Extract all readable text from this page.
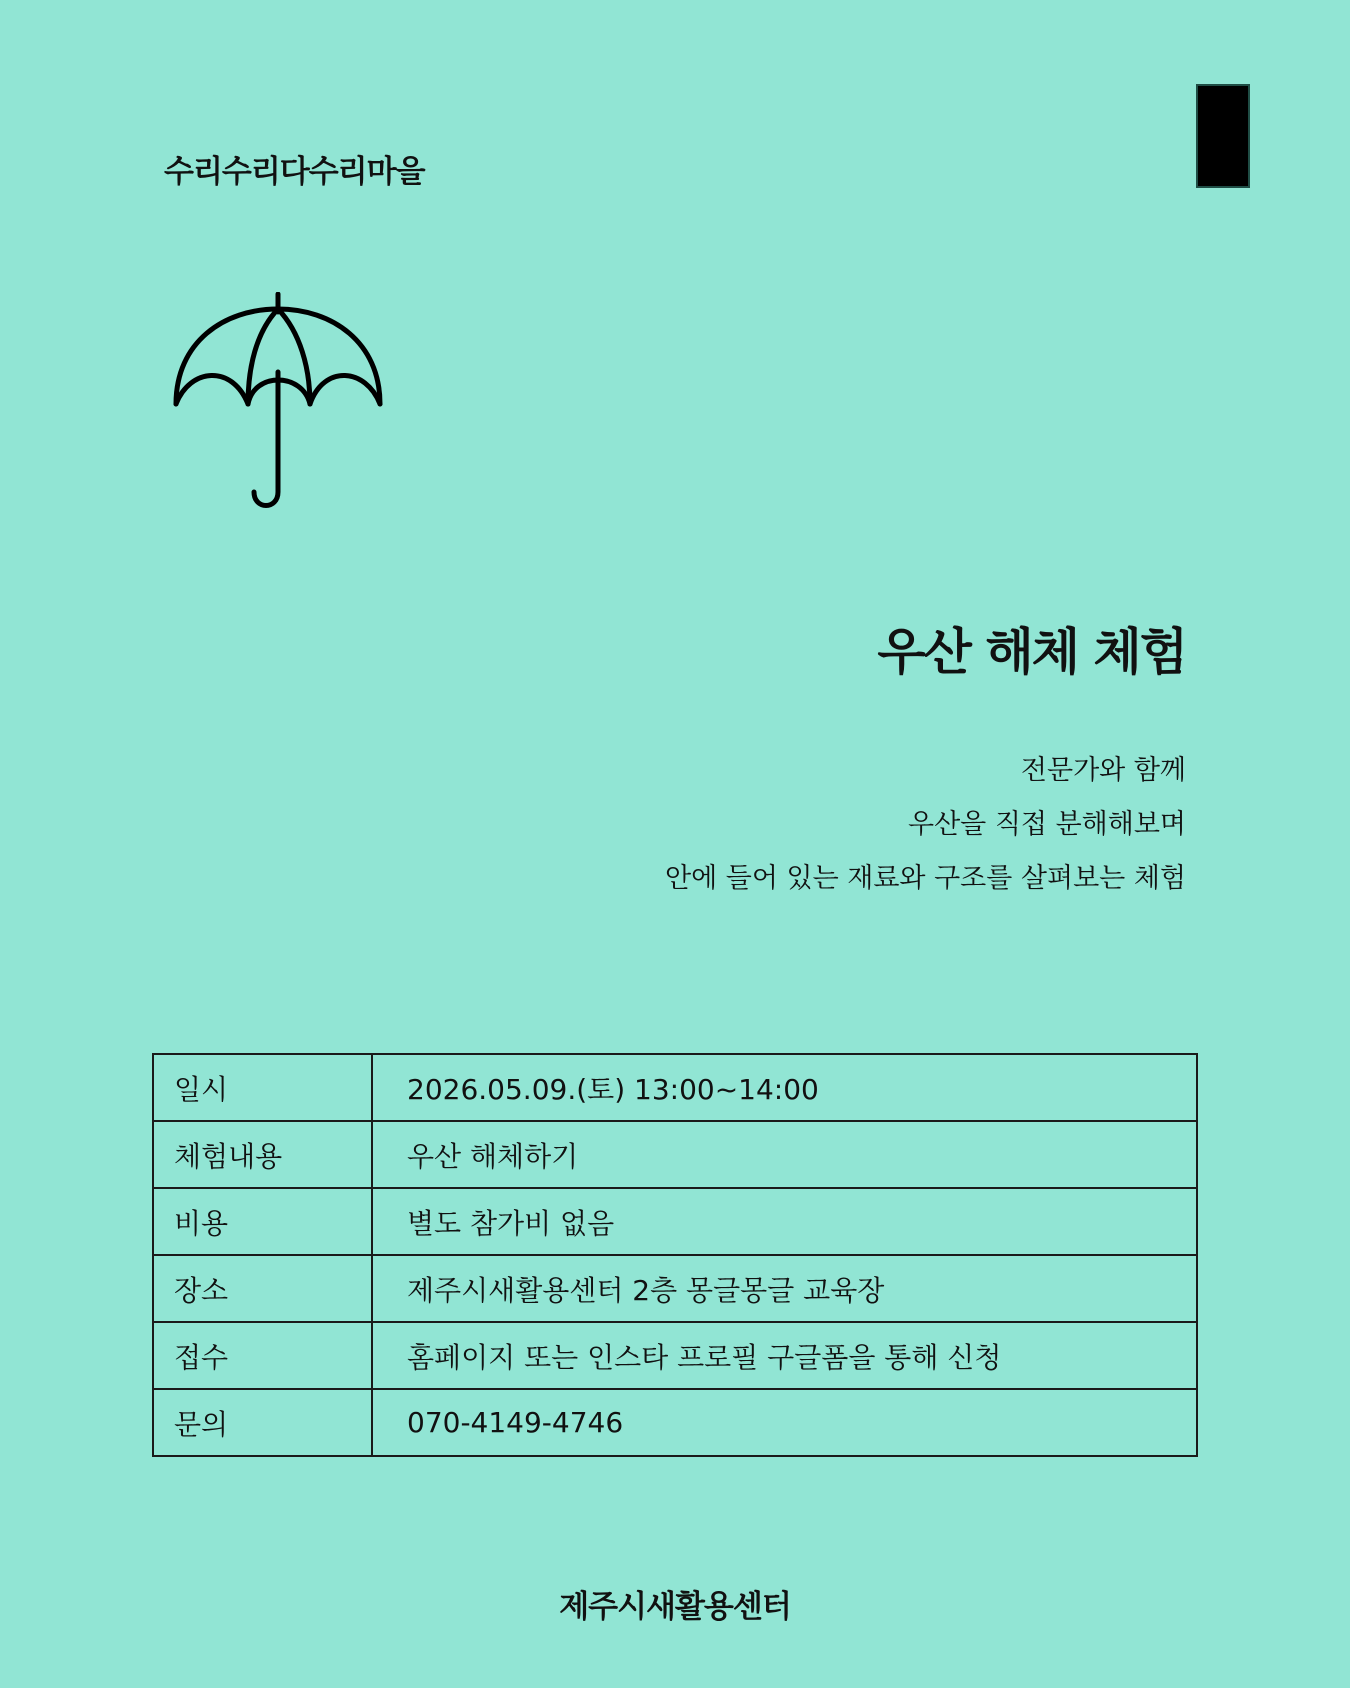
수리수리다수리마을
우산 해체 체험
전문가와 함께
우산을 직접 분해해보며
안에 들어 있는 재료와 구조를 살펴보는 체험
일시	2026.05.09.(토) 13:00~14:00
체험내용	우산 해체하기
비용	별도 참가비 없음
장소	제주시새활용센터 2층 몽글몽글 교육장
접수	홈페이지 또는 인스타 프로필 구글폼을 통해 신청
문의	070-4149-4746
제주시새활용센터
